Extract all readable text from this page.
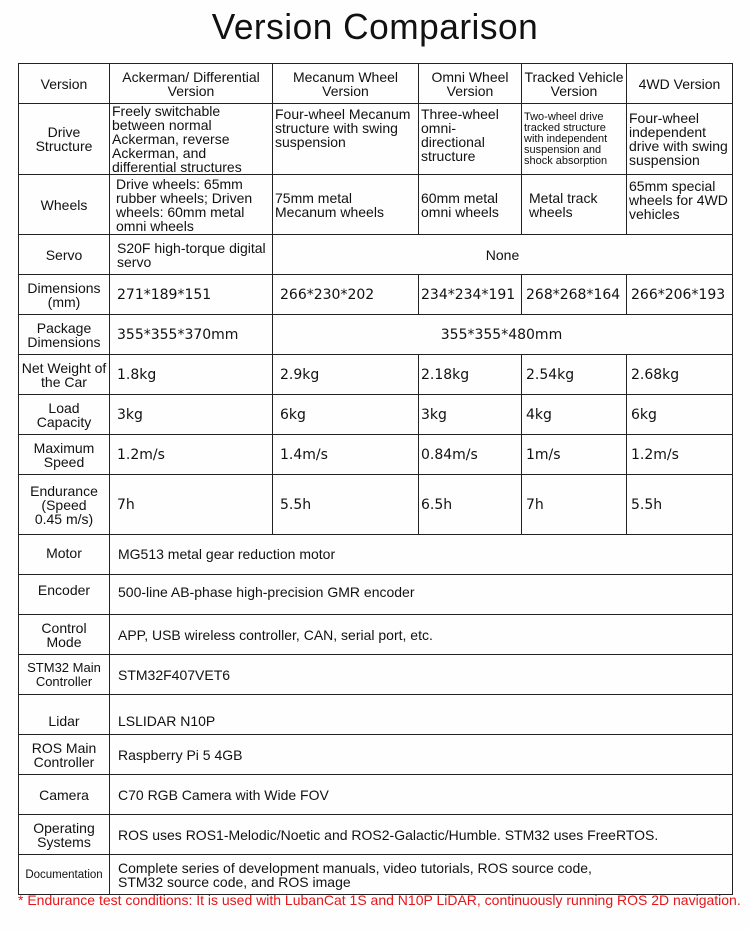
Version Comparison
Version	Ackerman/ Differential Version	Mecanum Wheel Version	Omni Wheel Version	Tracked Vehicle Version	4WD Version
Drive Structure	Freely switchable between normal Ackerman, reverse Ackerman, and differential structures	Four-wheel Mecanum structure with swing suspension	Three-wheel omni-directional structure	Two-wheel drive tracked structure with independent suspension and shock absorption	Four-wheel independent drive with swing suspension
Wheels	Drive wheels: 65mm rubber wheels; Driven wheels: 60mm metal omni wheels	75mm metal Mecanum wheels	60mm metal omni wheels	Metal track wheels	65mm special wheels for 4WD vehicles
Servo	S20F high-torque digital servo	None			
Dimensions (mm)	271*189*151	266*230*202	234*234*191	268*268*164	266*206*193
Package Dimensions	355*355*370mm	355*355*480mm			
Net Weight of the Car	1.8kg	2.9kg	2.18kg	2.54kg	2.68kg
Load Capacity	3kg	6kg	3kg	4kg	6kg
Maximum Speed	1.2m/s	1.4m/s	0.84m/s	1m/s	1.2m/s
Endurance (Speed 0.45 m/s)	7h	5.5h	6.5h	7h	5.5h
Motor	MG513 metal gear reduction motor				
Encoder	500-line AB-phase high-precision GMR encoder				
Control Mode	APP, USB wireless controller, CAN, serial port, etc.				
STM32 Main Controller	STM32F407VET6				
Lidar	LSLIDAR N10P				
ROS Main Controller	Raspberry Pi 5 4GB				
Camera	C70 RGB Camera with Wide FOV				
Operating Systems	ROS uses ROS1-Melodic/Noetic and ROS2-Galactic/Humble. STM32 uses FreeRTOS.				
Documentation	Complete series of development manuals, video tutorials, ROS source code, STM32 source code, and ROS image				
* Endurance test conditions: It is used with LubanCat 1S and N10P LiDAR, continuously running ROS 2D navigation.
